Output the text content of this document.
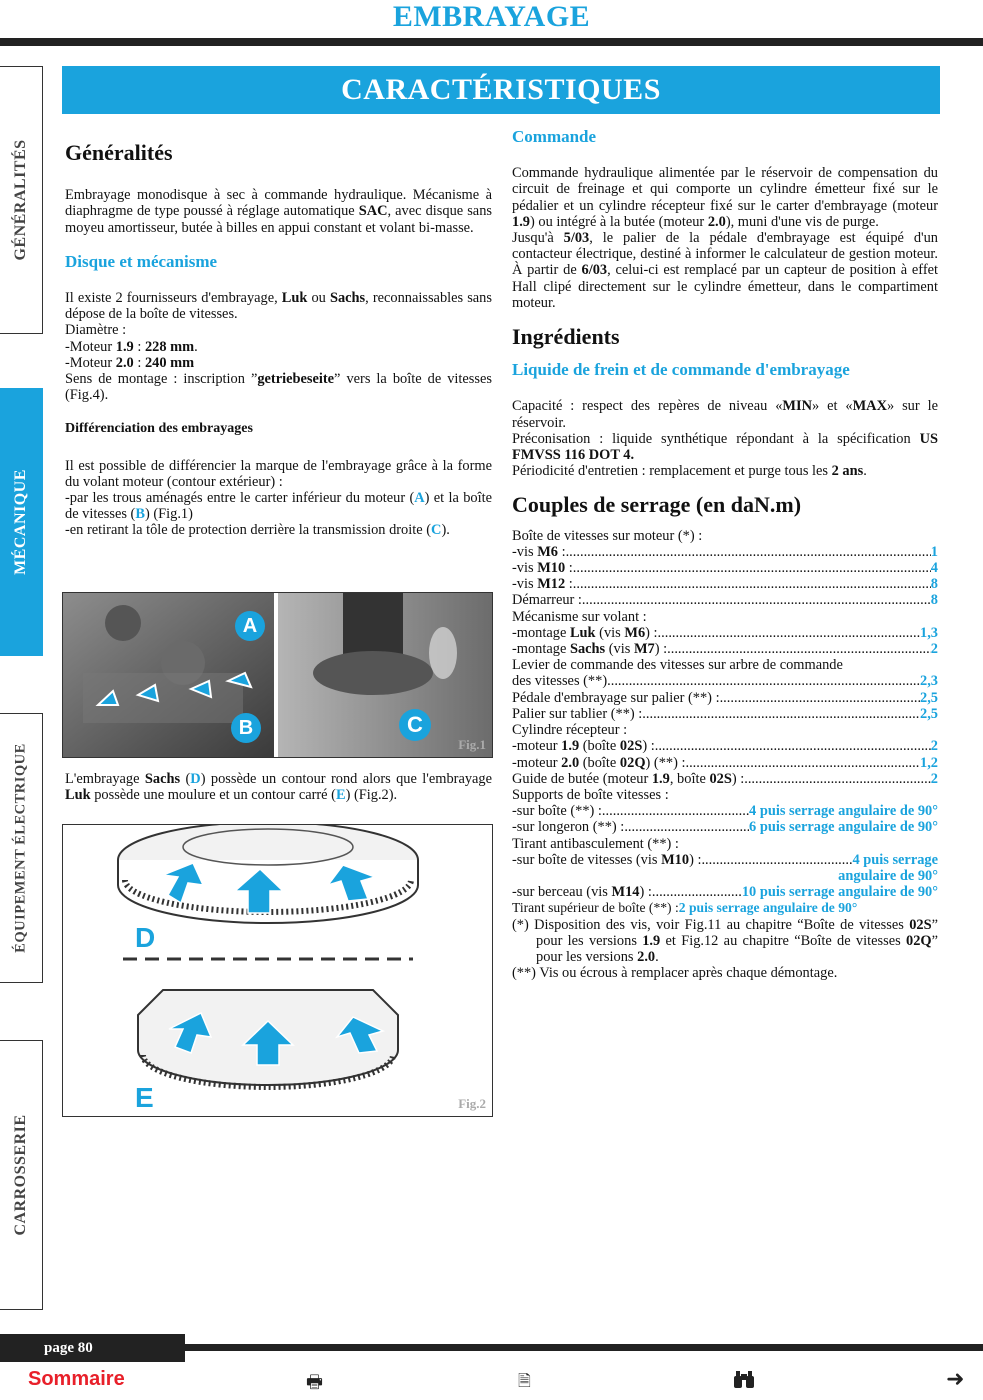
EMBRAYAGE
CARACTÉRISTIQUES
GÉNÉRALITÉS
MÉCANIQUE
ÉQUIPEMENT ÉLECTRIQUE
CARROSSERIE
Généralités

Embrayage monodisque à sec à commande hydraulique. Mécanisme à diaphragme de type poussé à réglage automatique SAC, avec disque sans moyeu amortisseur, butée à billes en appui constant et volant bi-masse.

Disque et mécanisme

Il existe 2 fournisseurs d'embrayage, Luk ou Sachs, reconnaissables sans dépose de la boîte de vitesses.

Diamètre :

-Moteur 1.9 : 228 mm.

-Moteur 2.0 : 240 mm

Sens de montage : inscription ”getriebeseite” vers la boîte de vitesses (Fig.4).

Différenciation des embrayages

Il est possible de différencier la marque de l'embrayage grâce à la forme du volant moteur (contour extérieur) :

-par les trous aménagés entre le carter inférieur du moteur (A) et la boîte de vitesses (B) (Fig.1)

-en retirant la tôle de protection derrière la transmission droite (C).

A
B	C
Fig.1

L'embrayage Sachs (D) possède un contour rond alors que l'embrayage Luk possède une moulure et un contour carré (E) (Fig.2).

D
E	Fig.2
Commande

Commande hydraulique alimentée par le réservoir de compensation du circuit de freinage et qui comporte un cylindre émetteur fixé sur le pédalier et un cylindre récepteur fixé sur le carter d'embrayage (moteur 1.9) ou intégré à la butée (moteur 2.0), muni d'une vis de purge.

Jusqu'à 5/03, le palier de la pédale d'embrayage est équipé d'un contacteur électrique, destiné à informer le calculateur de gestion moteur. À partir de 6/03, celui-ci est remplacé par un capteur de position à effet Hall clipé directement sur le cylindre émetteur, dans le compartiment moteur.

Ingrédients
Liquide de frein et de commande d'embrayage

Capacité : respect des repères de niveau «MIN» et «MAX» sur le réservoir.

Préconisation : liquide synthétique répondant à la spécification US FMVSS 116 DOT 4.

Périodicité d'entretien : remplacement et purge tous les 2 ans.

Couples de serrage (en daN.m)

Boîte de vitesses sur moteur (*) :

-vis M6 : .....	1
-vis M10 : .....	4
-vis M12 : .....	8
Démarreur : .....	8

Mécanisme sur volant :

-montage Luk (vis M6) : .....	1,3
-montage Sachs (vis M7) : .....	2

Levier de commande des vitesses sur arbre de commande

des vitesses (**) .....	2,3
Pédale d'embrayage sur palier (**) : .....	2,5
Palier sur tablier (**) : .....	2,5

Cylindre récepteur :

-moteur 1.9 (boîte 02S) : .....	2
-moteur 2.0 (boîte 02Q) (**) : .....	1,2
Guide de butée (moteur 1.9, boîte 02S) : .....	2

Supports de boîte vitesses :

-sur boîte (**) : .....	4 puis serrage angulaire de 90°
-sur longeron (**) : .....	6 puis serrage angulaire de 90°

Tirant antibasculement (**) :

-sur boîte de vitesses (vis M10) : .....	4 puis serrage
angulaire de 90°
-sur berceau (vis M14) : .....	10 puis serrage angulaire de 90°
Tirant supérieur de boîte (**) : 2 puis serrage angulaire de 90°

(*) Disposition des vis, voir Fig.11 au chapitre “Boîte de vitesses 02S” pour les versions 1.9 et Fig.12 au chapitre “Boîte de vitesses 02Q” pour les versions 2.0.

(**) Vis ou écrous à remplacer après chaque démontage.

page 80
Sommaire	🖶	🗎	➜
